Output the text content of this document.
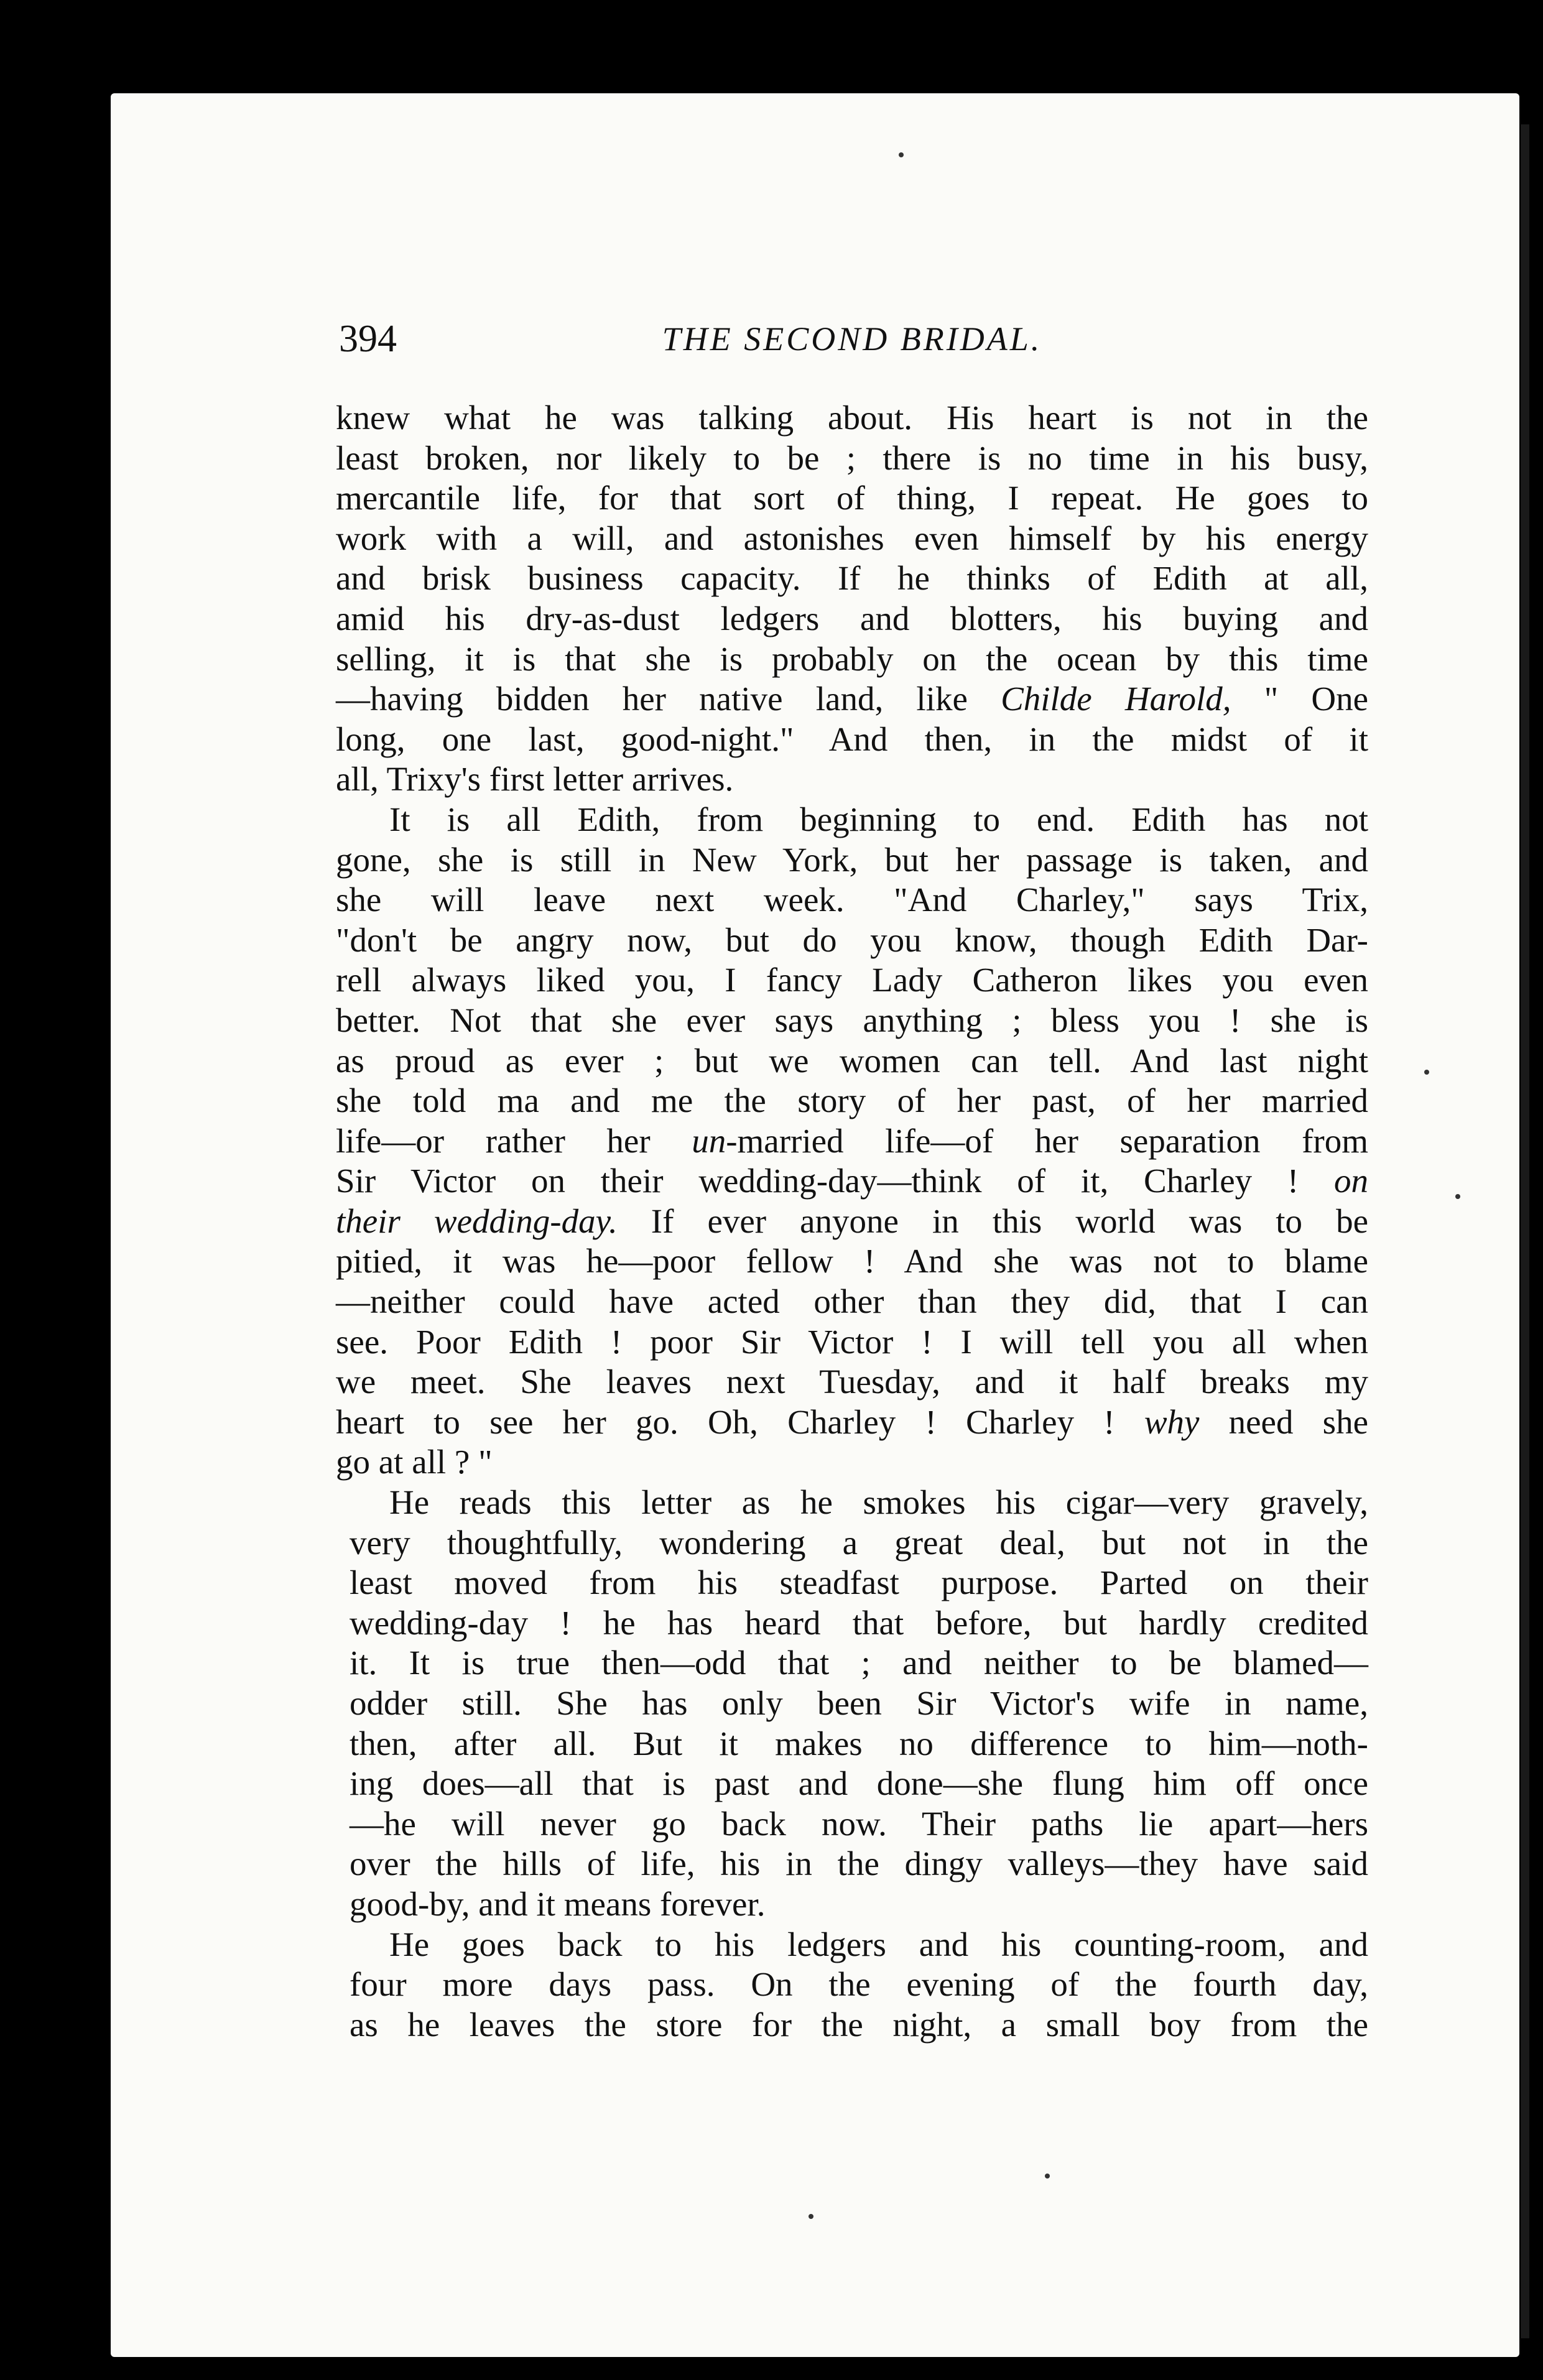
394	THE SECOND BRIDAL.
knew what he was talking about. His heart is not in the
least broken, nor likely to be ; there is no time in his busy,
mercantile life, for that sort of thing, I repeat. He goes to
work with a will, and astonishes even himself by his energy
and brisk business capacity. If he thinks of Edith at all,
amid his dry-as-dust ledgers and blotters, his buying and
selling, it is that she is probably on the ocean by this time
—having bidden her native land, like Childe Harold, " One
long, one last, good-night." And then, in the midst of it
all, Trixy's first letter arrives.
It is all Edith, from beginning to end. Edith has not
gone, she is still in New York, but her passage is taken, and
she will leave next week. "And Charley," says Trix,
"don't be angry now, but do you know, though Edith Dar-
rell always liked you, I fancy Lady Catheron likes you even
better. Not that she ever says anything ; bless you ! she is
as proud as ever ; but we women can tell. And last night
she told ma and me the story of her past, of her married
life—or rather her un-married life—of her separation from
Sir Victor on their wedding-day—think of it, Charley ! on
their wedding-day. If ever anyone in this world was to be
pitied, it was he—poor fellow ! And she was not to blame
—neither could have acted other than they did, that I can
see. Poor Edith ! poor Sir Victor ! I will tell you all when
we meet. She leaves next Tuesday, and it half breaks my
heart to see her go. Oh, Charley ! Charley ! why need she
go at all ? "
He reads this letter as he smokes his cigar—very gravely,
very thoughtfully, wondering a great deal, but not in the
least moved from his steadfast purpose. Parted on their
wedding-day ! he has heard that before, but hardly credited
it. It is true then—odd that ; and neither to be blamed—
odder still. She has only been Sir Victor's wife in name,
then, after all. But it makes no difference to him—noth-
ing does—all that is past and done—she flung him off once
—he will never go back now. Their paths lie apart—hers
over the hills of life, his in the dingy valleys—they have said
good-by, and it means forever.
He goes back to his ledgers and his counting-room, and
four more days pass. On the evening of the fourth day,
as he leaves the store for the night, a small boy from the
